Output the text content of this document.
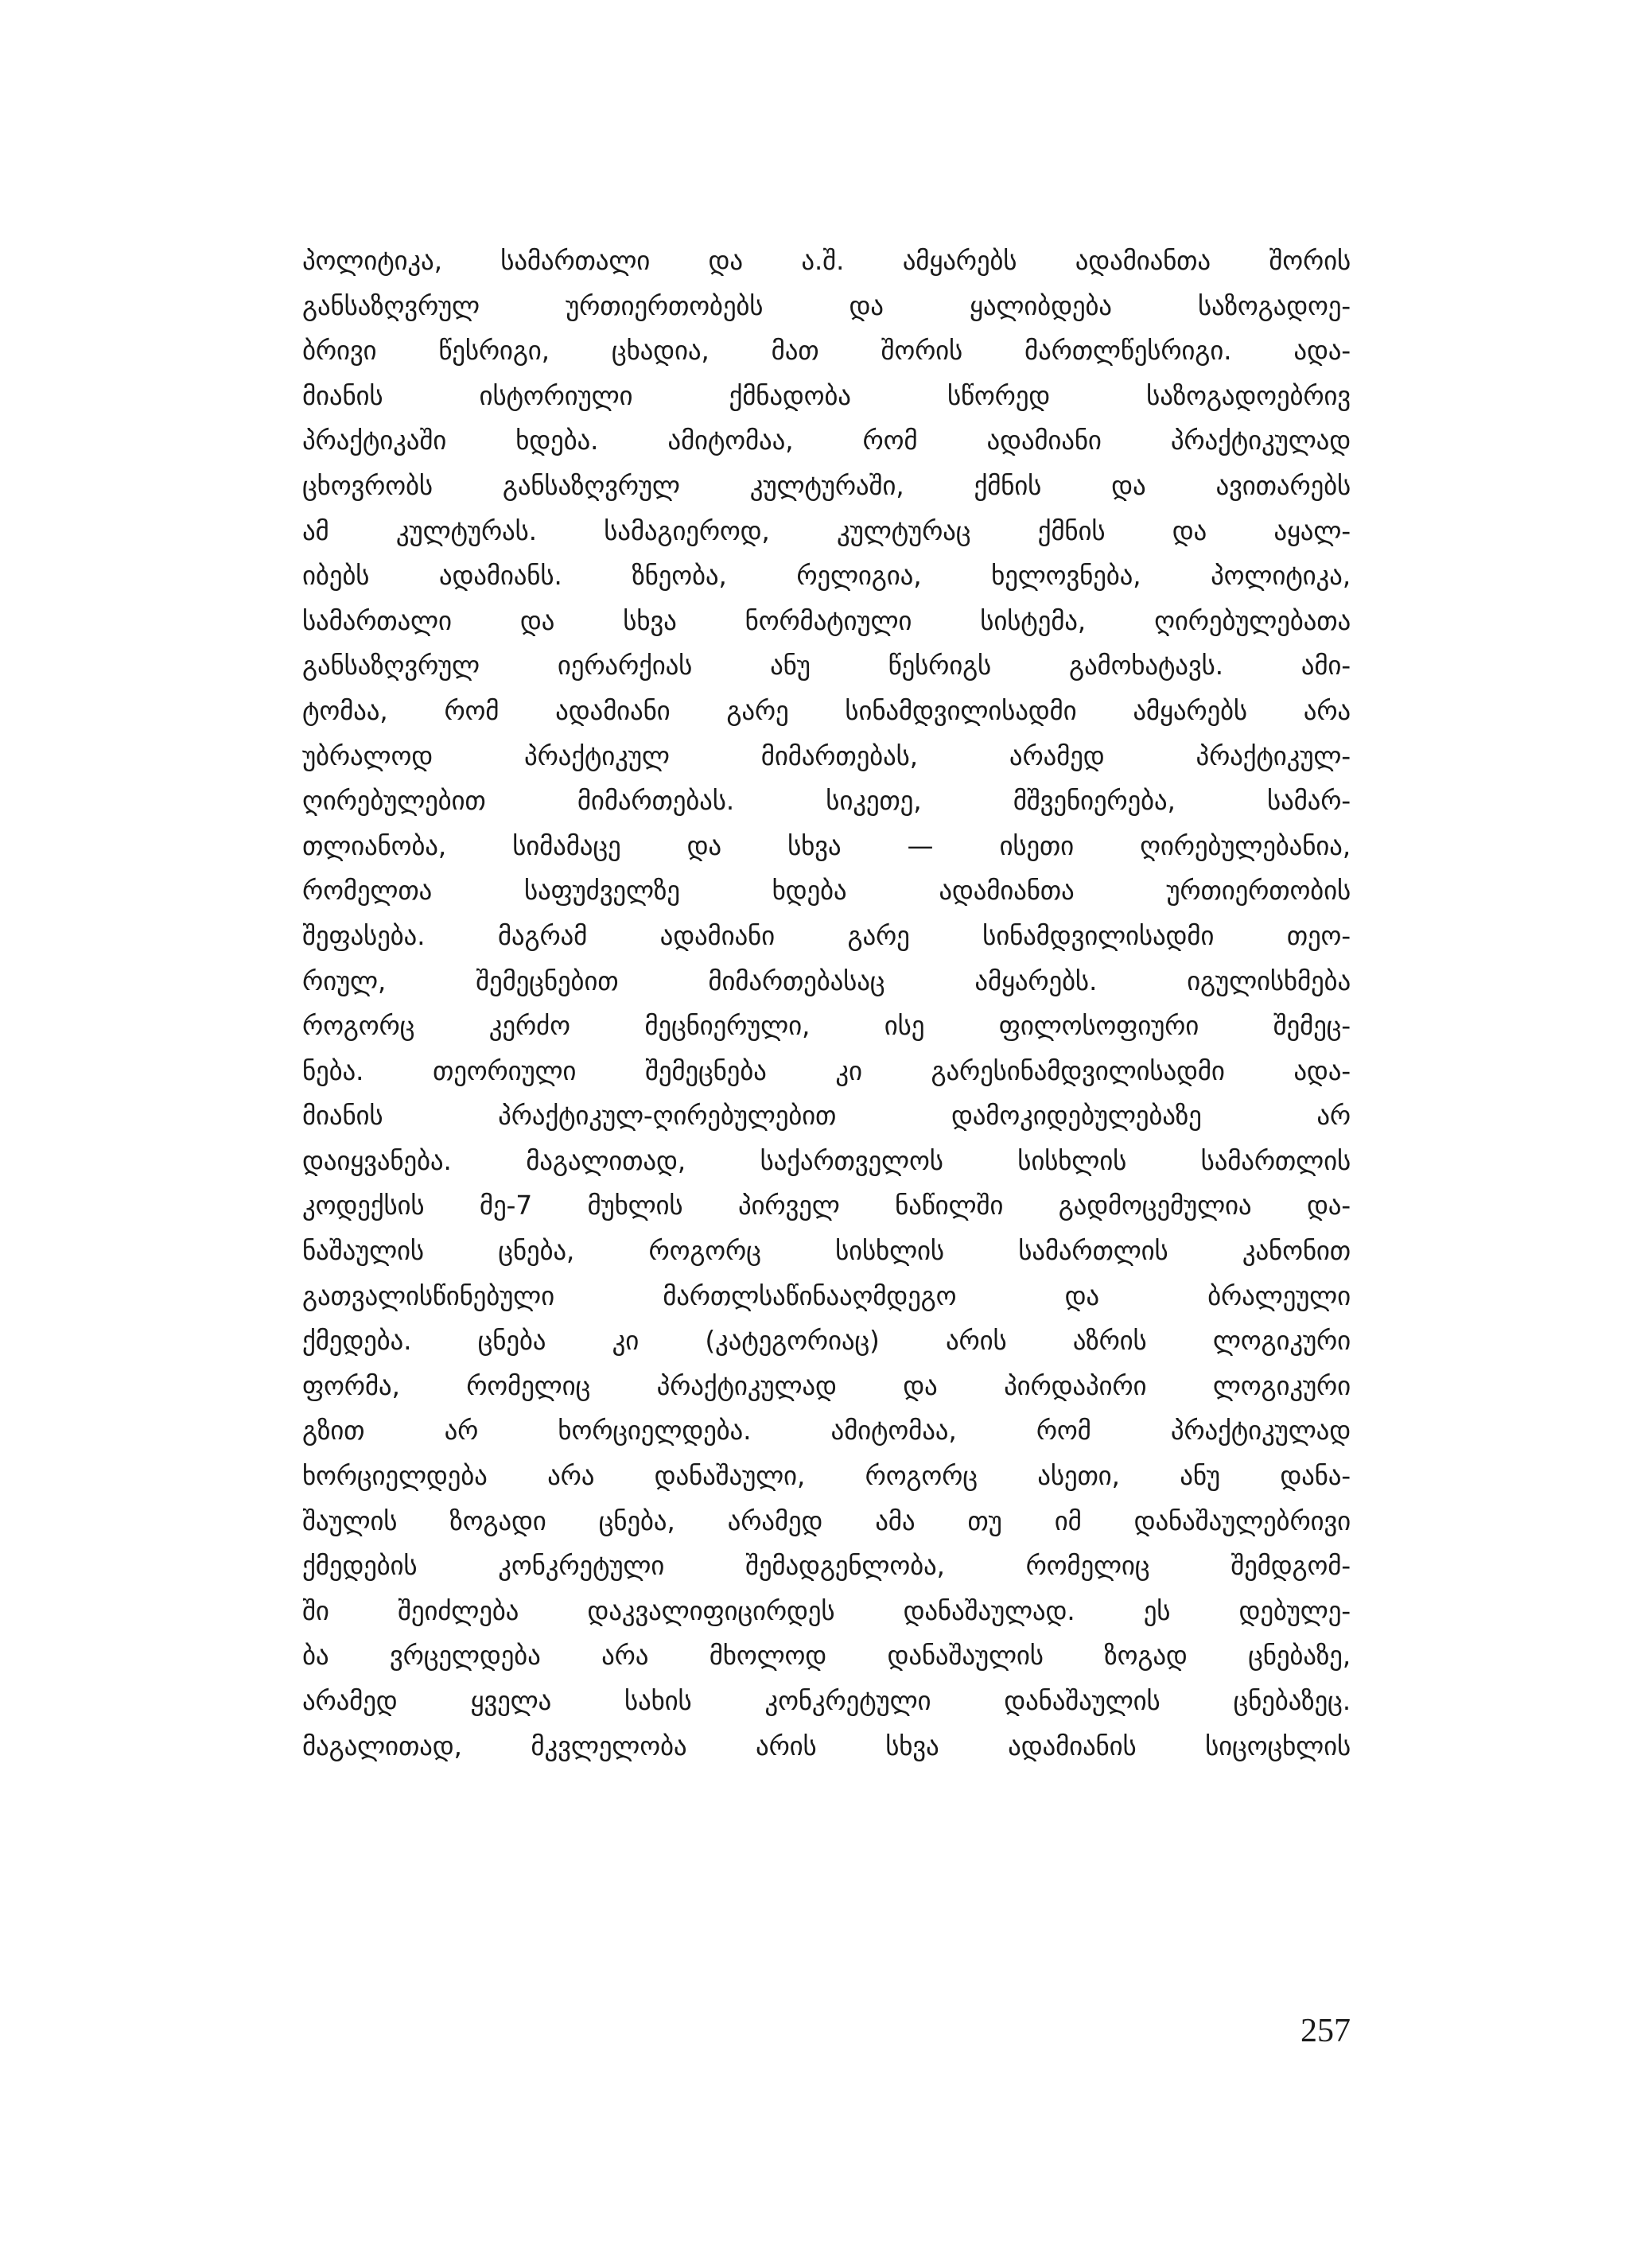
პოლიტიკა, სამართალი და ა.შ. ამყარებს ადამიანთა შორის
განსაზღვრულ ურთიერთობებს და ყალიბდება საზოგადოე-
ბრივი წესრიგი, ცხადია, მათ შორის მართლწესრიგი. ადა-
მიანის ისტორიული ქმნადობა სწორედ საზოგადოებრივ
პრაქტიკაში ხდება. ამიტომაა, რომ ადამიანი პრაქტიკულად
ცხოვრობს განსაზღვრულ კულტურაში, ქმნის და ავითარებს
ამ კულტურას. სამაგიეროდ, კულტურაც ქმნის და აყალ-
იბებს ადამიანს. ზნეობა, რელიგია, ხელოვნება, პოლიტიკა,
სამართალი და სხვა ნორმატიული სისტემა, ღირებულებათა
განსაზღვრულ იერარქიას ანუ წესრიგს გამოხატავს. ამი-
ტომაა, რომ ადამიანი გარე სინამდვილისადმი ამყარებს არა
უბრალოდ პრაქტიკულ მიმართებას, არამედ პრაქტიკულ-
ღირებულებით მიმართებას. სიკეთე, მშვენიერება, სამარ-
თლიანობა, სიმამაცე და სხვა — ისეთი ღირებულებანია,
რომელთა საფუძველზე ხდება ადამიანთა ურთიერთობის
შეფასება. მაგრამ ადამიანი გარე სინამდვილისადმი თეო-
რიულ, შემეცნებით მიმართებასაც ამყარებს. იგულისხმება
როგორც კერძო მეცნიერული, ისე ფილოსოფიური შემეც-
ნება. თეორიული შემეცნება კი გარესინამდვილისადმი ადა-
მიანის პრაქტიკულ-ღირებულებით დამოკიდებულებაზე არ
დაიყვანება. მაგალითად, საქართველოს სისხლის სამართლის
კოდექსის მე-7 მუხლის პირველ ნაწილში გადმოცემულია და-
ნაშაულის ცნება, როგორც სისხლის სამართლის კანონით
გათვალისწინებული მართლსაწინააღმდეგო და ბრალეული
ქმედება. ცნება კი (კატეგორიაც) არის აზრის ლოგიკური
ფორმა, რომელიც პრაქტიკულად და პირდაპირი ლოგიკური
გზით არ ხორციელდება. ამიტომაა, რომ პრაქტიკულად
ხორციელდება არა დანაშაული, როგორც ასეთი, ანუ დანა-
შაულის ზოგადი ცნება, არამედ ამა თუ იმ დანაშაულებრივი
ქმედების კონკრეტული შემადგენლობა, რომელიც შემდგომ-
ში შეიძლება დაკვალიფიცირდეს დანაშაულად. ეს დებულე-
ბა ვრცელდება არა მხოლოდ დანაშაულის ზოგად ცნებაზე,
არამედ ყველა სახის კონკრეტული დანაშაულის ცნებაზეც.
მაგალითად, მკვლელობა არის სხვა ადამიანის სიცოცხლის
257
